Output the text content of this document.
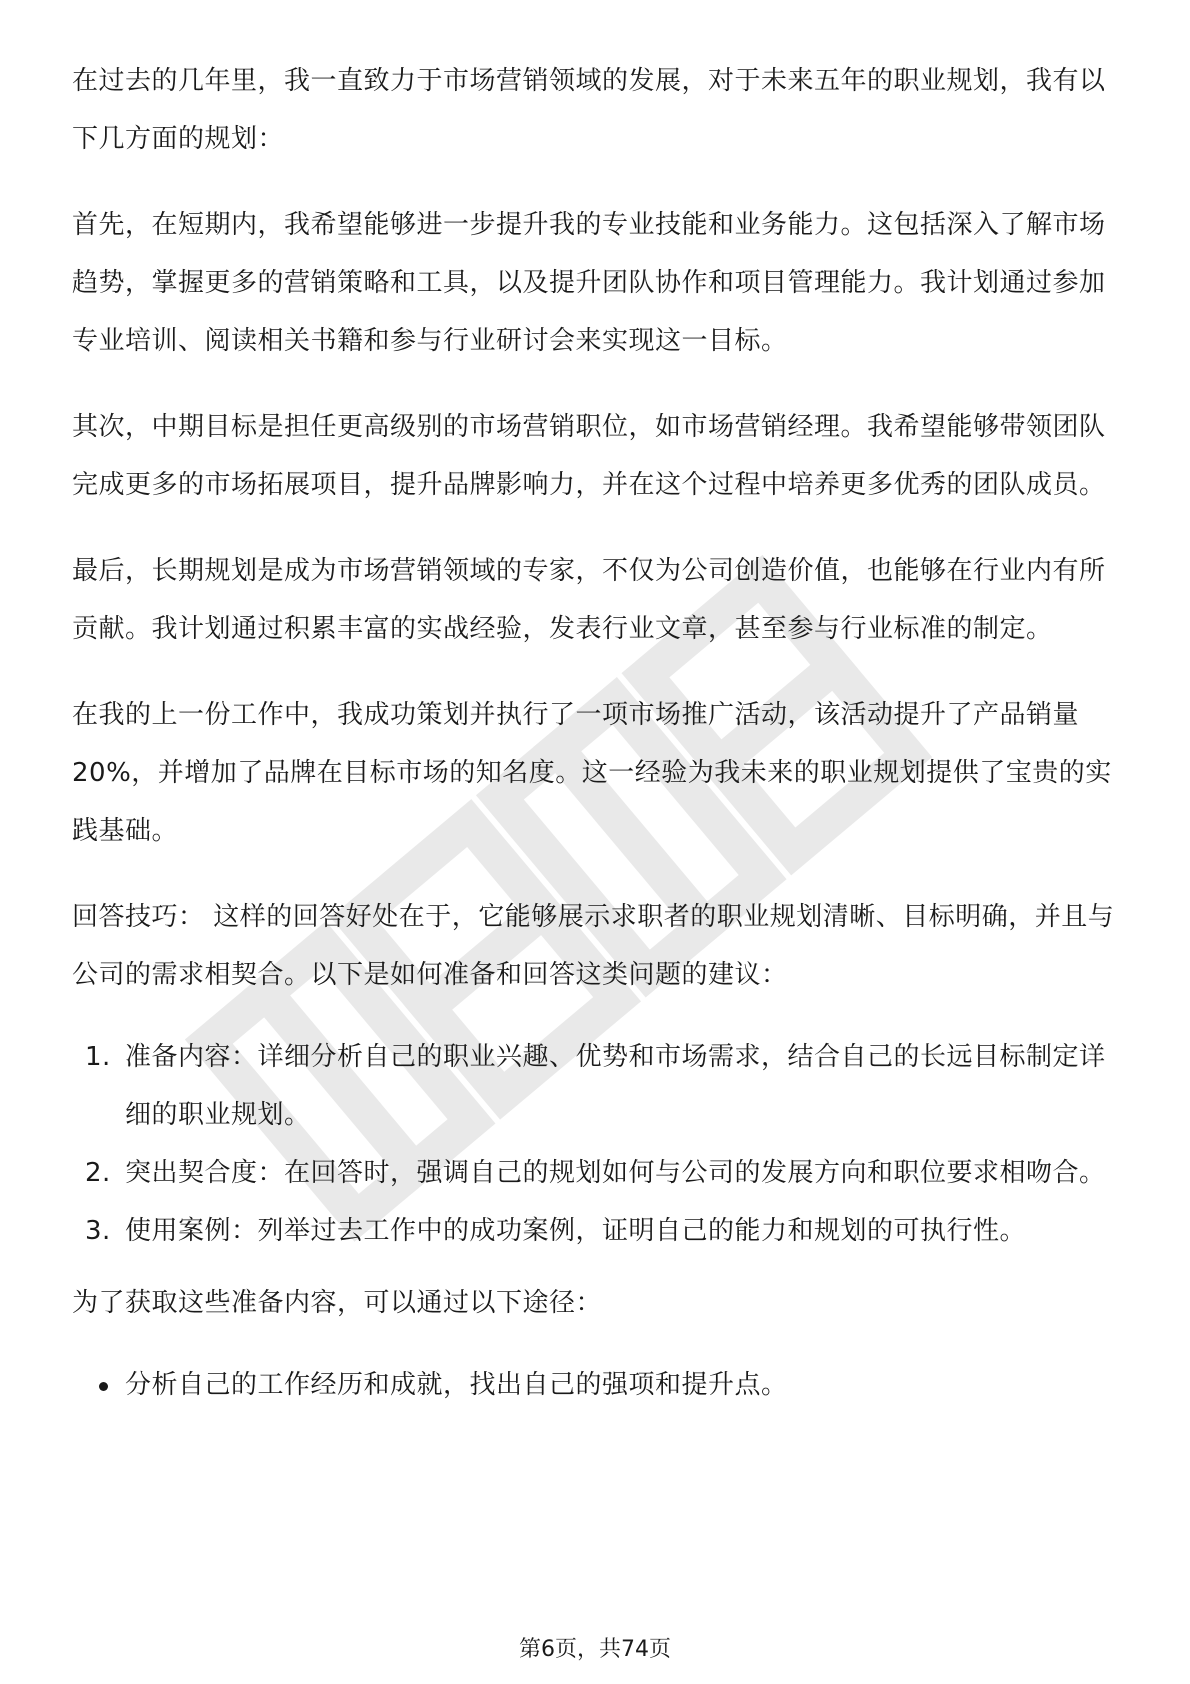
在过去的几年里，我一直致力于市场营销领域的发展，对于未来五年的职业规划，我有以下几方面的规划：

首先，在短期内，我希望能够进一步提升我的专业技能和业务能力。这包括深入了解市场趋势，掌握更多的营销策略和工具，以及提升团队协作和项目管理能力。我计划通过参加专业培训、阅读相关书籍和参与行业研讨会来实现这一目标。

其次，中期目标是担任更高级别的市场营销职位，如市场营销经理。我希望能够带领团队完成更多的市场拓展项目，提升品牌影响力，并在这个过程中培养更多优秀的团队成员。

最后，长期规划是成为市场营销领域的专家，不仅为公司创造价值，也能够在行业内有所贡献。我计划通过积累丰富的实战经验，发表行业文章，甚至参与行业标准的制定。

在我的上一份工作中，我成功策划并执行了一项市场推广活动，该活动提升了产品销量20%，并增加了品牌在目标市场的知名度。这一经验为我未来的职业规划提供了宝贵的实践基础。

回答技巧： 这样的回答好处在于，它能够展示求职者的职业规划清晰、目标明确，并且与公司的需求相契合。以下是如何准备和回答这类问题的建议：

1. 准备内容：详细分析自己的职业兴趣、优势和市场需求，结合自己的长远目标制定详细的职业规划。
2. 突出契合度：在回答时，强调自己的规划如何与公司的发展方向和职位要求相吻合。
3. 使用案例：列举过去工作中的成功案例，证明自己的能力和规划的可执行性。

为了获取这些准备内容，可以通过以下途径：

分析自己的工作经历和成就，找出自己的强项和提升点。
第6页，共74页
